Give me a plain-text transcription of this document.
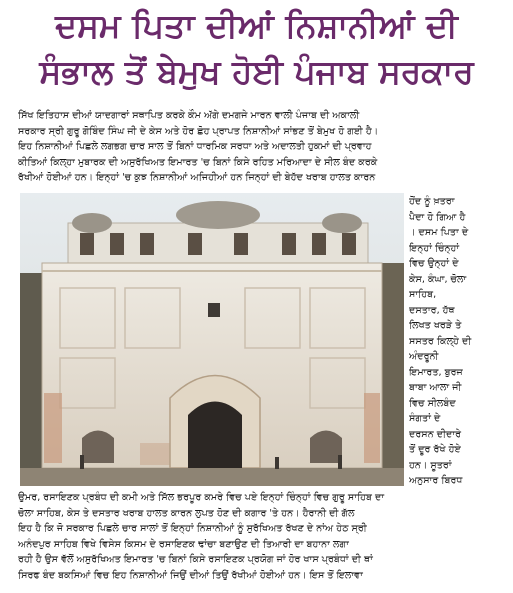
ਦਸਮ ਪਿਤਾ ਦੀਆਂ ਨਿਸ਼ਾਨੀਆਂ ਦੀ
ਸੰਭਾਲ ਤੋਂ ਬੇਮੁਖ ਹੋਈ ਪੰਜਾਬ ਸਰਕਾਰ
ਸਿੱਖ ਇਤਿਹਾਸ ਦੀਆਂ ਯਾਦਗਾਰਾਂ ਸਥਾਪਿਤ ਕਰਕੇ ਕੌਮ ਅੱਗੇ ਦਮਗਜੇ ਮਾਰਨ ਵਾਲੀ ਪੰਜਾਬ ਦੀ ਅਕਾਲੀ
ਸਰਕਾਰ ਸ੍ਰੀ ਗੁਰੂ ਗੋਬਿੰਦ ਸਿੰਘ ਜੀ ਦੇ ਕੇਸ ਅਤੇ ਹੋਰ ਛੋਹ ਪ੍ਰਾਪਤ ਨਿਸ਼ਾਨੀਆਂ ਸਾਂਭਣ ਤੋਂ ਬੇਮੁਖ ਹੋ ਗਈ ਹੈ।
ਇਹ ਨਿਸ਼ਾਨੀਆਂ ਪਿਛਲੇ ਲਗਭਗ ਚਾਰ ਸਾਲ ਤੋਂ ਬਿਨਾਂ ਧਾਰਮਿਕ ਸਰਧਾ ਅਤੇ ਅਦਾਲਤੀ ਹੁਕਮਾਂ ਦੀ ਪ੍ਰਵਾਹ
ਕੀਤਿਆਂ ਕਿਲ੍ਹਾ ਮੁਬਾਰਕ ਦੀ ਅਸੁਰੱਖਿਅਤ ਇਮਾਰਤ 'ਚ ਬਿਨਾਂ ਕਿਸੇ ਰਹਿਤ ਮਰਿਆਦਾ ਦੇ ਸੀਲ ਬੰਦ ਕਰਕੇ
ਰੱਖੀਆਂ ਹੋਈਆਂ ਹਨ। ਇਨ੍ਹਾਂ 'ਚ ਕੁਝ ਨਿਸ਼ਾਨੀਆਂ ਅਜਿਹੀਆਂ ਹਨ ਜਿਨ੍ਹਾਂ ਦੀ ਬੇਹੱਦ ਖਰਾਬ ਹਾਲਤ ਕਾਰਨ
ਹੋਂਦ ਨੂੰ ਖ਼ਤਰਾ
ਪੈਦਾ ਹੋ ਗਿਆ ਹੈ
। ਦਸਮ ਪਿਤਾ ਦੇ
ਇਨ੍ਹਾਂ ਚਿੰਨ੍ਹਾਂ
ਵਿਚ ਉਨ੍ਹਾਂ ਦੇ
ਕੇਸ, ਕੰਘਾ, ਚੋਲਾ
ਸਾਹਿਬ,
ਦਸਤਾਰ, ਹੱਥ
ਲਿਖਤ ਖਰੜੇ ਤੇ
ਸਸਤਰ ਕਿਲ੍ਹੇ ਦੀ
ਅੰਦਰੂਨੀ
ਇਮਾਰਤ, ਬੁਰਜ
ਬਾਬਾ ਆਲਾ ਜੀ
ਵਿਚ ਸੀਲਬੰਦ
ਸੰਗਤਾਂ ਦੇ
ਦਰਸਨ ਦੀਦਾਰੇ
ਤੋਂ ਦੂਰ ਰੱਖੇ ਹੋਏ
ਹਨ। ਸੂਤਰਾਂ
ਅਨੁਸਾਰ ਬਿਰਧ
ਉਮਰ, ਰਸਾਇਣਕ ਪ੍ਰਬੰਧ ਦੀ ਕਮੀ ਅਤੇ ਸਿੱਲ ਭਰਪੂਰ ਕਮਰੇ ਵਿਚ ਪਏ ਇਨ੍ਹਾਂ ਚਿੰਨ੍ਹਾਂ ਵਿਚ ਗੁਰੂ ਸਾਹਿਬ ਦਾ
ਚੋਲਾ ਸਾਹਿਬ, ਕੇਸ ਤੇ ਦਸਤਾਰ ਖਰਾਬ ਹਾਲਤ ਕਾਰਨ ਲੁਪਤ ਹੋਣ ਦੀ ਕਗਾਰ 'ਤੇ ਹਨ। ਹੈਰਾਨੀ ਦੀ ਗੱਲ
ਇਹ ਹੈ ਕਿ ਜੋ ਸਰਕਾਰ ਪਿਛਲੇ ਚਾਰ ਸਾਲਾਂ ਤੋਂ ਇਨ੍ਹਾਂ ਨਿਸ਼ਾਨੀਆਂ ਨੂੰ ਸੁਰੱਖਿਅਤ ਰੱਖਣ ਦੇ ਨਾਂਅ ਹੇਠ ਸ੍ਰੀ
ਅਨੰਦਪੁਰ ਸਾਹਿਬ ਵਿਖੇ ਵਿਸੇਸ ਕਿਸਮ ਦੇ ਰਸਾਇਣਕ ਢਾਂਚਾ ਬਣਾਉਣ ਦੀ ਤਿਆਰੀ ਦਾ ਬਹਾਨਾ ਲਗਾ
ਰਹੀ ਹੈ ਉਸ ਵੱਲੋਂ ਅਸੁਰੱਖਿਅਤ ਇਮਾਰਤ 'ਚ ਬਿਨਾਂ ਕਿਸੇ ਰਸਾਇਣਕ ਪ੍ਰਯੋਗ ਜਾਂ ਹੋਰ ਖਾਸ ਪ੍ਰਬੰਧਾਂ ਦੀ ਥਾਂ
ਸਿਰਫ ਬੰਦ ਬਕਸਿਆਂ ਵਿਚ ਇਹ ਨਿਸ਼ਾਨੀਆਂ ਜਿਉਂ ਦੀਆਂ ਤਿਉਂ ਰੱਖੀਆਂ ਹੋਈਆਂ ਹਨ। ਇਸ ਤੋਂ ਇਲਾਵਾ
